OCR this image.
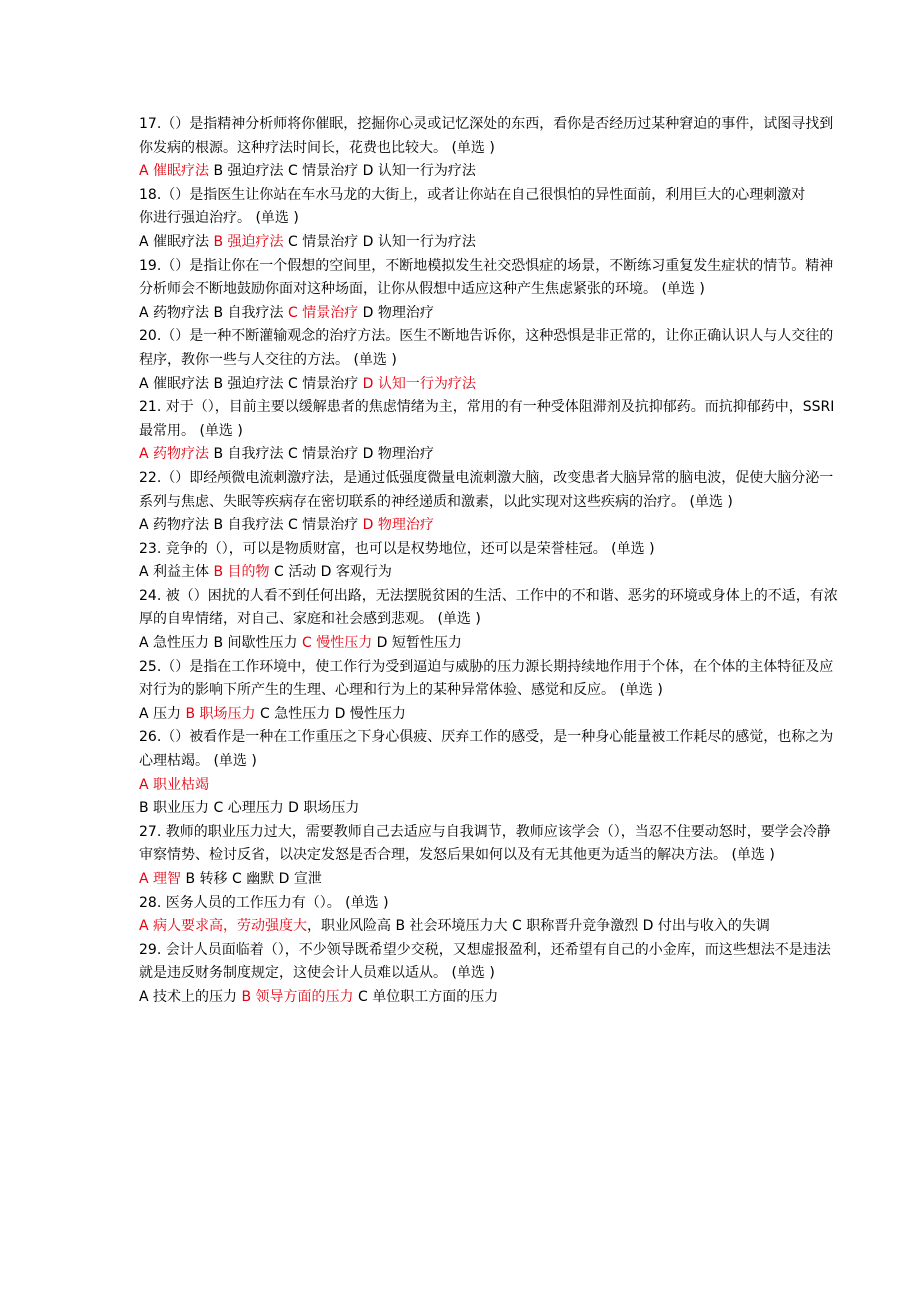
17.（）是指精神分析师将你催眠，挖掘你心灵或记忆深处的东西，看你是否经历过某种窘迫的事件，试图寻找到你发病的根源。这种疗法时间长，花费也比较大。 (单选 )

A 催眠疗法 B 强迫疗法 C 情景治疗 D 认知一行为疗法

18.（）是指医生让你站在车水马龙的大街上，或者让你站在自己很惧怕的异性面前，利用巨大的心理刺激对
你进行强迫治疗。 (单选 )

A 催眠疗法 B 强迫疗法 C 情景治疗 D 认知一行为疗法

19.（）是指让你在一个假想的空间里，不断地模拟发生社交恐惧症的场景，不断练习重复发生症状的情节。精神分析师会不断地鼓励你面对这种场面，让你从假想中适应这种产生焦虑紧张的环境。 (单选 )

A 药物疗法 B 自我疗法 C 情景治疗 D 物理治疗

20.（）是一种不断灌输观念的治疗方法。医生不断地告诉你，这种恐惧是非正常的，让你正确认识人与人交往的程序，教你一些与人交往的方法。 (单选 )

A 催眠疗法 B 强迫疗法 C 情景治疗 D 认知一行为疗法

21. 对于（），目前主要以缓解患者的焦虑情绪为主，常用的有一种受体阻滞剂及抗抑郁药。而抗抑郁药中，SSRI 最常用。 (单选 )

A 药物疗法 B 自我疗法 C 情景治疗 D 物理治疗

22.（）即经颅微电流刺激疗法，是通过低强度微量电流刺激大脑，改变患者大脑异常的脑电波，促使大脑分泌一系列与焦虑、失眠等疾病存在密切联系的神经递质和激素，以此实现对这些疾病的治疗。 (单选 )

A 药物疗法 B 自我疗法 C 情景治疗 D 物理治疗

23. 竞争的（），可以是物质财富，也可以是权势地位，还可以是荣誉桂冠。 (单选 )

A 利益主体 B 目的物 C 活动 D 客观行为

24. 被（）困扰的人看不到任何出路，无法摆脱贫困的生活、工作中的不和谐、恶劣的环境或身体上的不适，有浓厚的自卑情绪，对自己、家庭和社会感到悲观。 (单选 )

A 急性压力 B 间歇性压力 C 慢性压力 D 短暂性压力

25.（）是指在工作环境中，使工作行为受到逼迫与威胁的压力源长期持续地作用于个体，在个体的主体特征及应对行为的影响下所产生的生理、心理和行为上的某种异常体验、感觉和反应。 (单选 )

A 压力 B 职场压力 C 急性压力 D 慢性压力

26.（）被看作是一种在工作重压之下身心俱疲、厌弃工作的感受，是一种身心能量被工作耗尽的感觉，也称之为心理枯竭。 (单选 )

A 职业枯竭

B 职业压力 C 心理压力 D 职场压力

27. 教师的职业压力过大，需要教师自己去适应与自我调节，教师应该学会（），当忍不住要动怒时，要学会冷静审察情势、检讨反省，以决定发怒是否合理，发怒后果如何以及有无其他更为适当的解决方法。 (单选 )

A 理智 B 转移 C 幽默 D 宣泄

28. 医务人员的工作压力有（）。 (单选 )

A 病人要求高，劳动强度大，职业风险高 B 社会环境压力大 C 职称晋升竞争激烈 D 付出与收入的失调

29. 会计人员面临着（），不少领导既希望少交税，又想虚报盈利，还希望有自己的小金库，而这些想法不是违法就是违反财务制度规定，这使会计人员难以适从。 (单选 )

A 技术上的压力 B 领导方面的压力 C 单位职工方面的压力
